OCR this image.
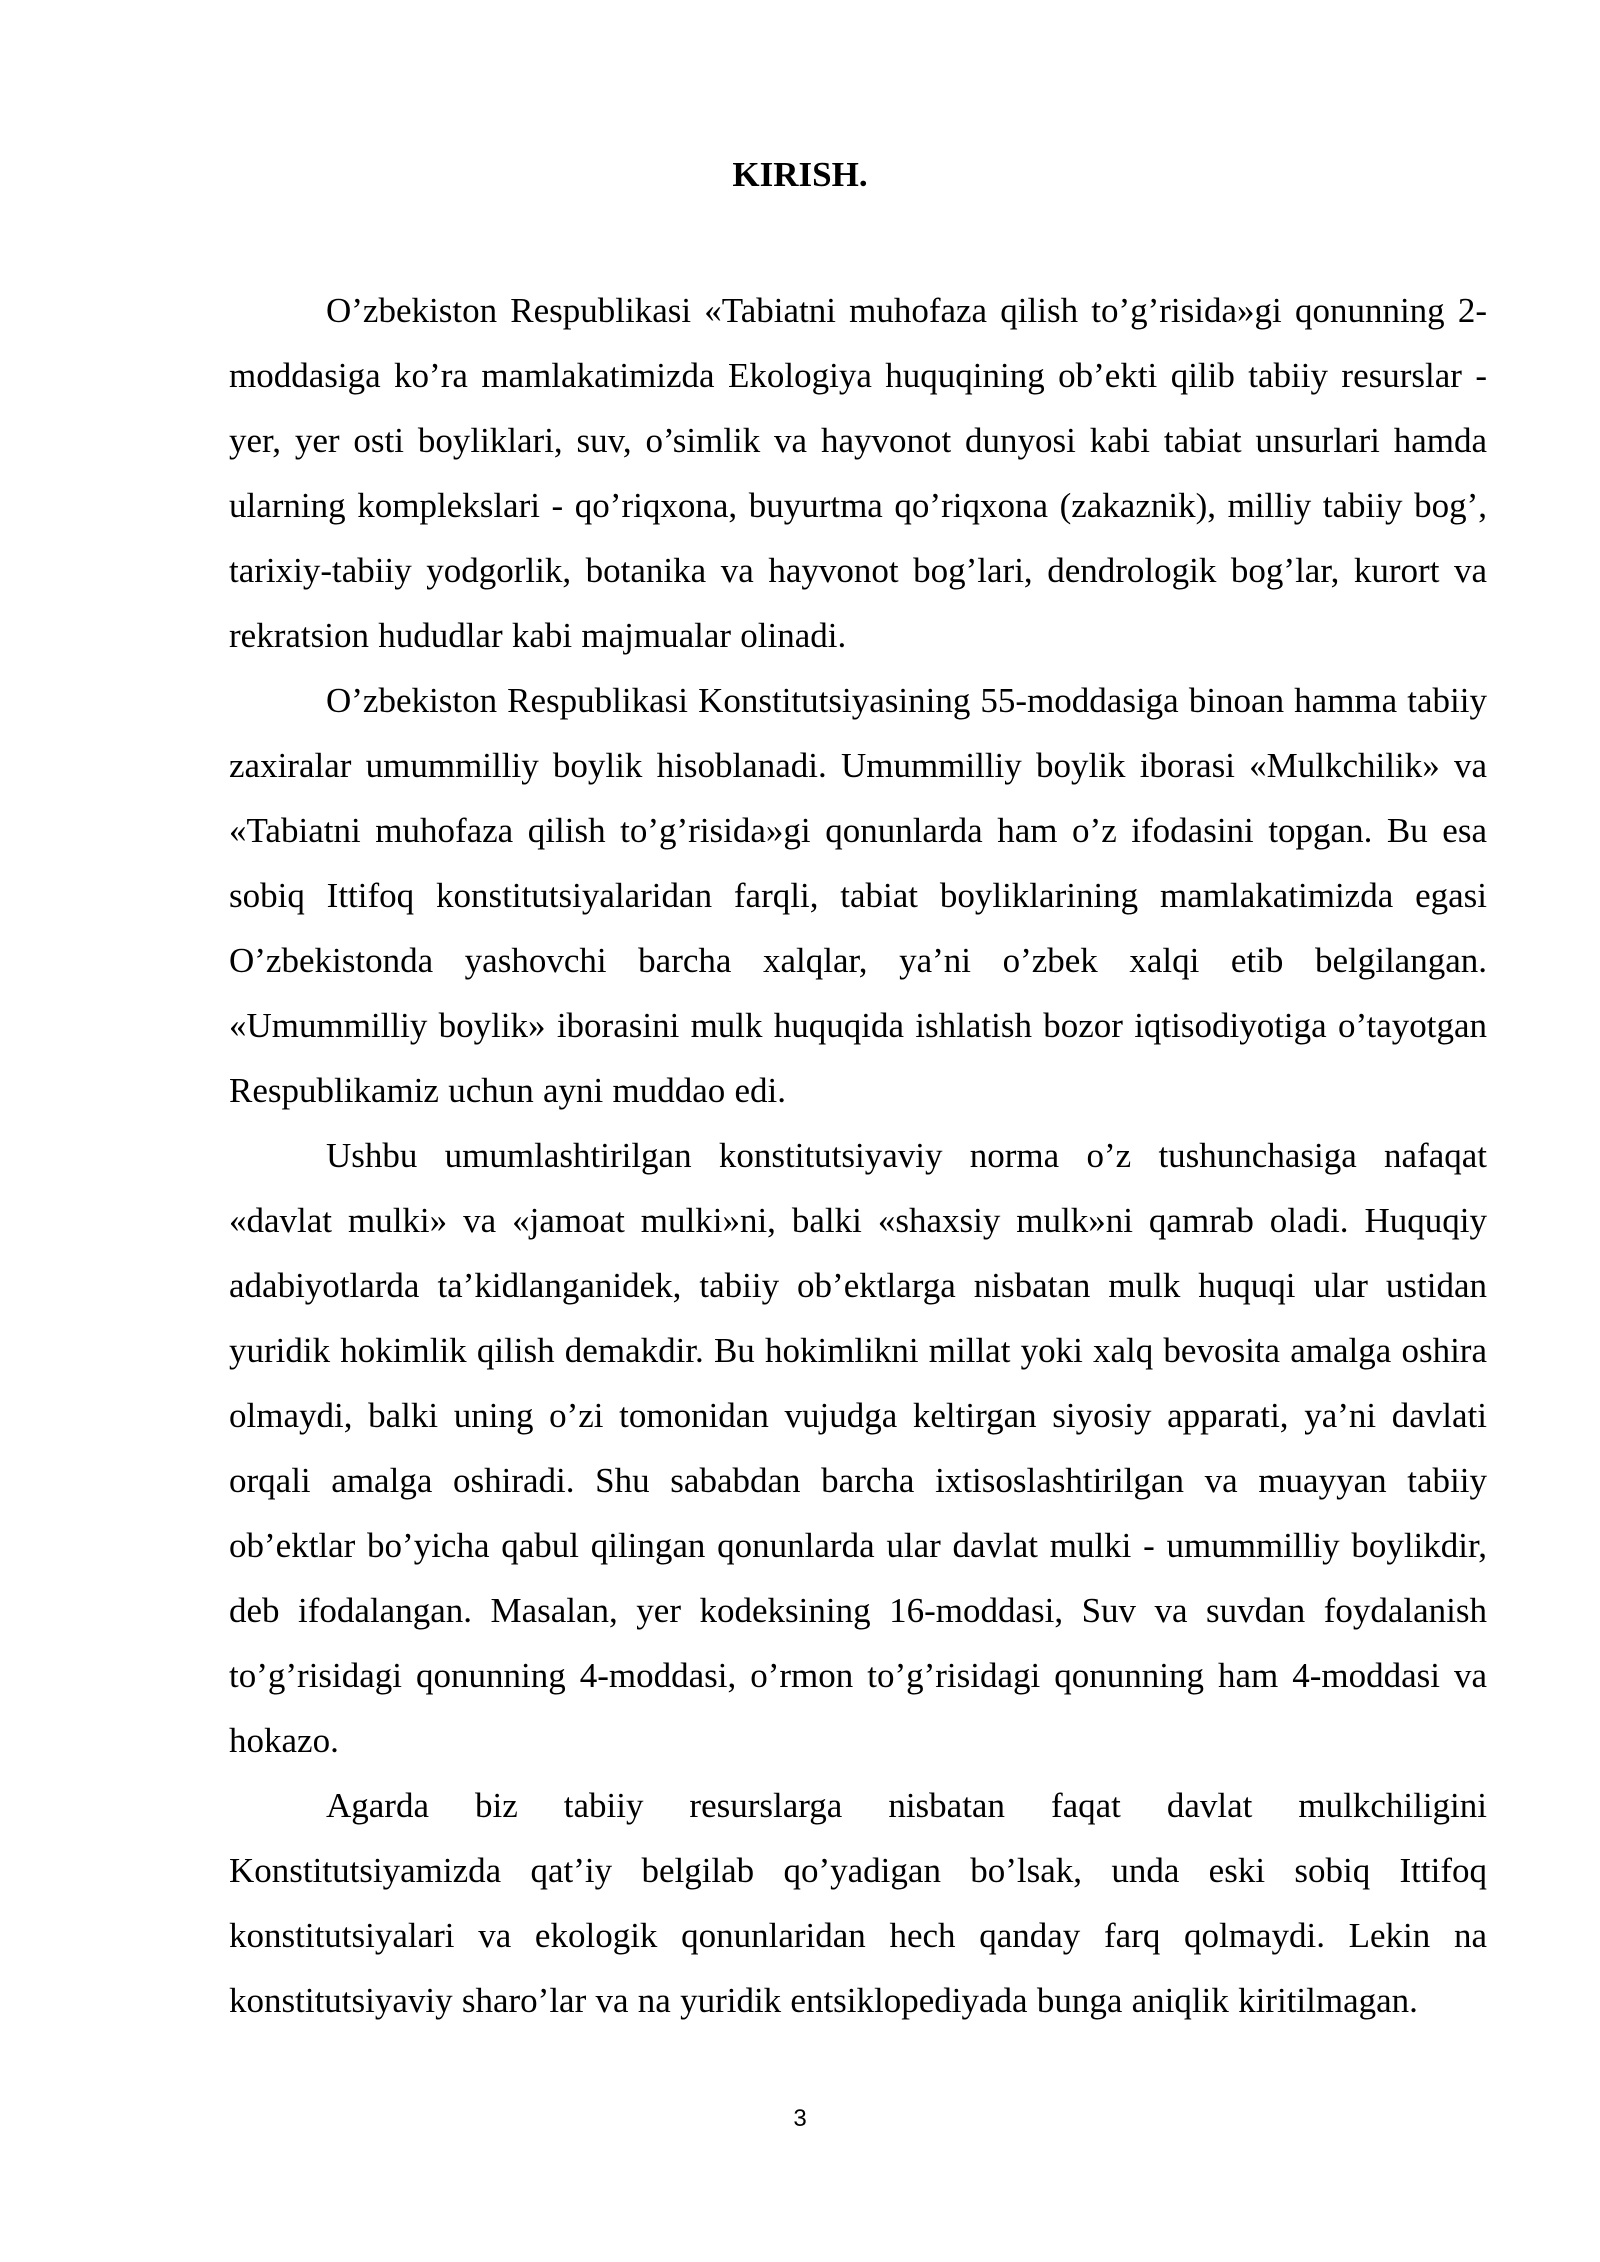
KIRISH.

O’zbekiston Respublikasi «Tabiatni muhofaza qilish to’g’risida»gi qonunning 2-moddasiga ko’ra mamlakatimizda Ekologiya huquqining ob’ekti qilib tabiiy resurslar -yer, yer osti boyliklari, suv, o’simlik va hayvonot dunyosi kabi tabiat unsurlari hamda ularning komplekslari - qo’riqxona, buyurtma qo’riqxona (zakaznik), milliy tabiiy bog’, tarixiy-tabiiy yodgorlik, botanika va hayvonot bog’lari, dendrologik bog’lar, kurort va rekratsion hududlar kabi majmualar olinadi.

O’zbekiston Respublikasi Konstitutsiyasining 55-moddasiga binoan hamma tabiiy zaxiralar umummilliy boylik hisoblanadi. Umummilliy boylik iborasi «Mulkchilik» va «Tabiatni muhofaza qilish to’g’risida»gi qonunlarda ham o’z ifodasini topgan. Bu esa sobiq Ittifoq konstitutsiyalaridan farqli, tabiat boyliklarining mamlakatimizda egasi O’zbekistonda yashovchi barcha xalqlar, ya’ni o’zbek xalqi etib belgilangan. «Umummilliy boylik» iborasini mulk huquqida ishlatish bozor iqtisodiyotiga o’tayotgan Respublikamiz uchun ayni muddao edi.

Ushbu umumlashtirilgan konstitutsiyaviy norma o’z tushunchasiga nafaqat «davlat mulki» va «jamoat mulki»ni, balki «shaxsiy mulk»ni qamrab oladi. Huquqiy adabiyotlarda ta’kidlanganidek, tabiiy ob’ektlarga nisbatan mulk huquqi ular ustidan yuridik hokimlik qilish demakdir. Bu hokimlikni millat yoki xalq bevosita amalga oshira olmaydi, balki uning o’zi tomonidan vujudga keltirgan siyosiy apparati, ya’ni davlati orqali amalga oshiradi. Shu sababdan barcha ixtisoslashtirilgan va muayyan tabiiy ob’ektlar bo’yicha qabul qilingan qonunlarda ular davlat mulki - umummilliy boylikdir, deb ifodalangan. Masalan, yer kodeksining 16-moddasi, Suv va suvdan foydalanish to’g’risidagi qonunning 4-moddasi, o’rmon to’g’risidagi qonunning ham 4-moddasi va hokazo.

Agarda biz tabiiy resurslarga nisbatan faqat davlat mulkchiligini Konstitutsiyamizda qat’iy belgilab qo’yadigan bo’lsak, unda eski sobiq Ittifoq konstitutsiyalari va ekologik qonunlaridan hech qanday farq qolmaydi. Lekin na konstitutsiyaviy sharo’lar va na yuridik entsiklopediyada bunga aniqlik kiritilmagan.

3
